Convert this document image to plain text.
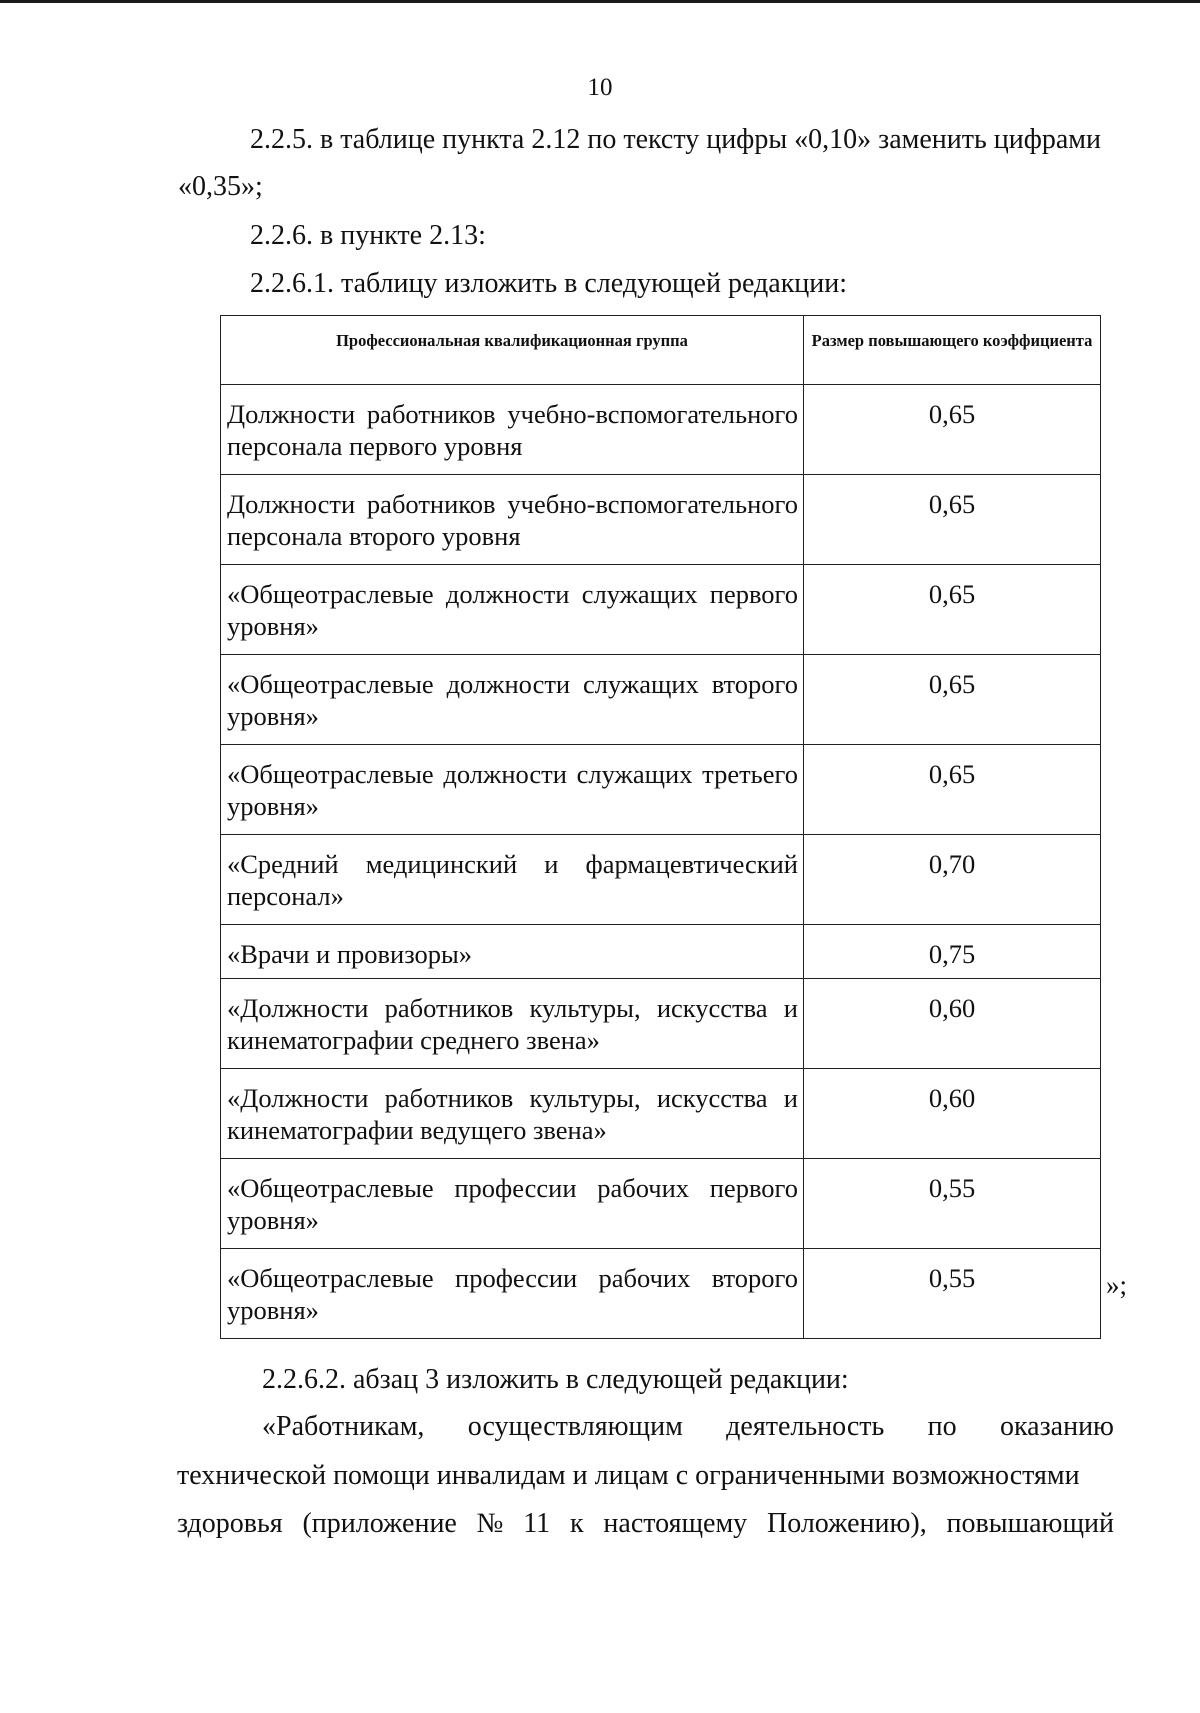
10
2.2.5. в таблице пункта 2.12 по тексту цифры «0,10» заменить цифрами
«0,35»;
2.2.6. в пункте 2.13:
2.2.6.1. таблицу изложить в следующей редакции:
Профессиональная квалификационная группа	Размер повышающего коэффициента
Должности работников учебно-вспомогательного персонала первого уровня	0,65
Должности работников учебно-вспомогательного персонала второго уровня	0,65
«Общеотраслевые должности служащих первого уровня»	0,65
«Общеотраслевые должности служащих второго уровня»	0,65
«Общеотраслевые должности служащих третьего уровня»	0,65
«Средний медицинский и фармацевтический персонал»	0,70
«Врачи и провизоры»	0,75
«Должности работников культуры, искусства и кинематографии среднего звена»	0,60
«Должности работников культуры, искусства и кинематографии ведущего звена»	0,60
«Общеотраслевые профессии рабочих первого уровня»	0,55
«Общеотраслевые профессии рабочих второго уровня»	0,55	»;
2.2.6.2. абзац 3 изложить в следующей редакции:
«Работникам, осуществляющим деятельность по оказанию
технической помощи инвалидам и лицам с ограниченными возможностями
здоровья (приложение № 11 к настоящему Положению), повышающий
